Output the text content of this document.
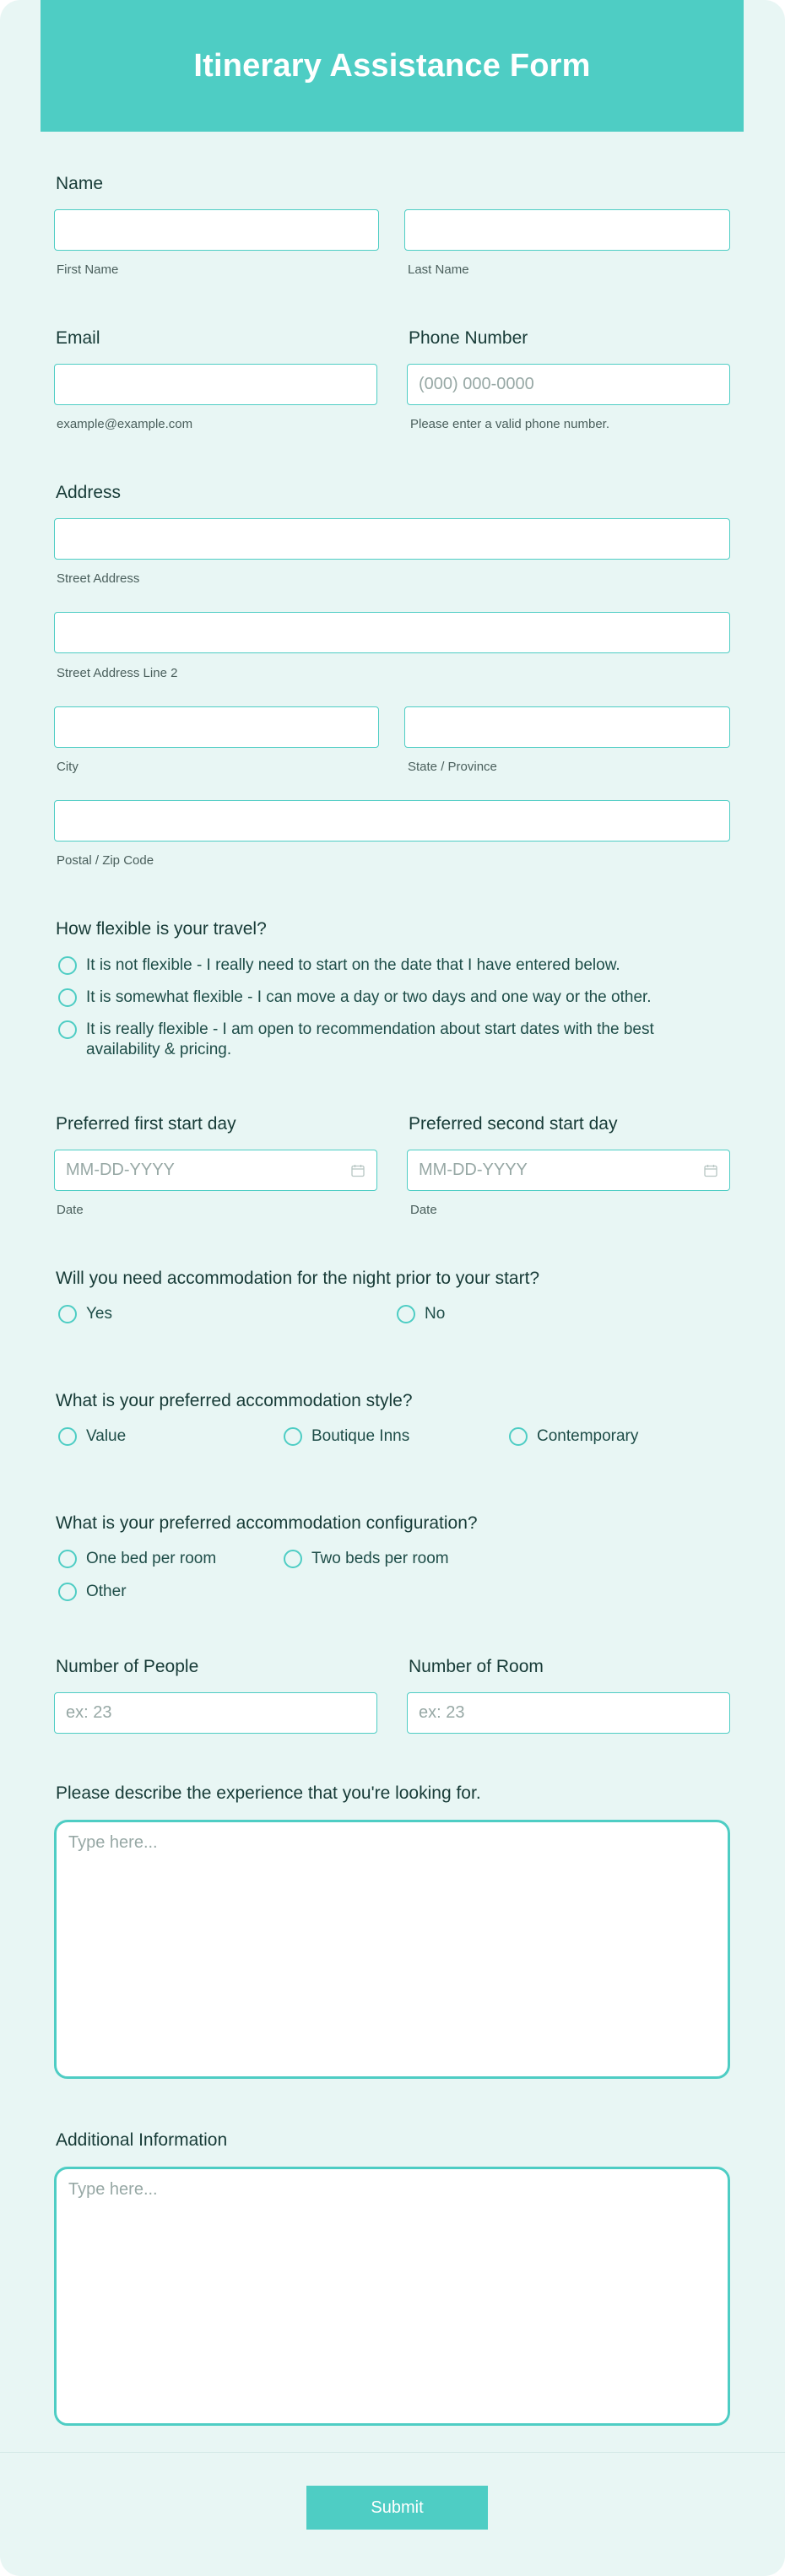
Itinerary Assistance Form
Name
First Name	Last Name
Email
example@example.com
Phone Number
(000) 000-0000
Please enter a valid phone number.
Address
Street Address
Street Address Line 2
City	State / Province
Postal / Zip Code
How flexible is your travel?
It is not flexible - I really need to start on the date that I have entered below.
It is somewhat flexible - I can move a day or two days and one way or the other.
It is really flexible - I am open to recommendation about start dates with the best availability & pricing.
Preferred first start day
MM-DD-YYYY
Date
Preferred second start day
MM-DD-YYYY
Date
Will you need accommodation for the night prior to your start?
Yes	No
What is your preferred accommodation style?
Value	Boutique Inns	Contemporary
What is your preferred accommodation configuration?
One bed per room	Two beds per room
Other
Number of People
ex: 23
Number of Room
ex: 23
Please describe the experience that you're looking for.
Type here...
Additional Information
Type here...
Submit
